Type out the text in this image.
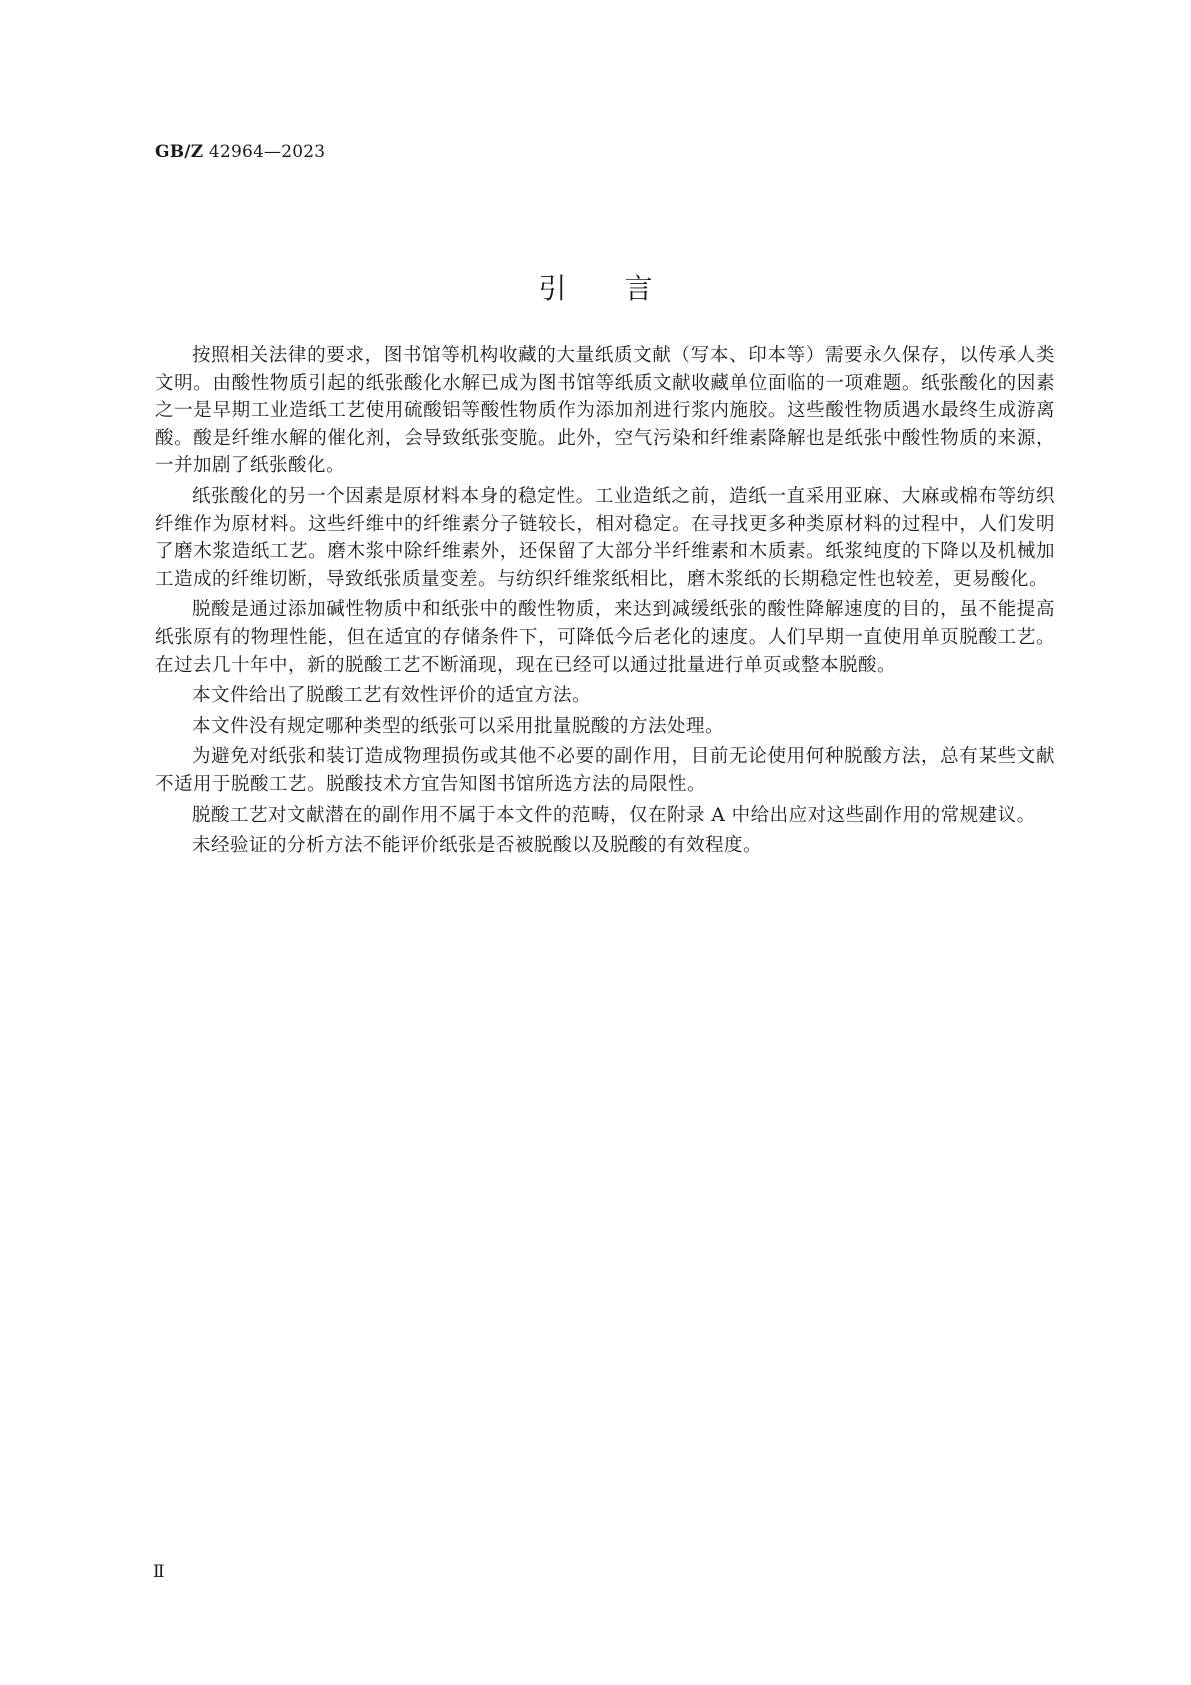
GB/Z 42964—2023
引言

按照相关法律的要求，图书馆等机构收藏的大量纸质文献（写本、印本等）需要永久保存，以传承人类文明。由酸性物质引起的纸张酸化水解已成为图书馆等纸质文献收藏单位面临的一项难题。纸张酸化的因素之一是早期工业造纸工艺使用硫酸铝等酸性物质作为添加剂进行浆内施胶。这些酸性物质遇水最终生成游离酸。酸是纤维水解的催化剂，会导致纸张变脆。此外，空气污染和纤维素降解也是纸张中酸性物质的来源，一并加剧了纸张酸化。

纸张酸化的另一个因素是原材料本身的稳定性。工业造纸之前，造纸一直采用亚麻、大麻或棉布等纺织纤维作为原材料。这些纤维中的纤维素分子链较长，相对稳定。在寻找更多种类原材料的过程中，人们发明了磨木浆造纸工艺。磨木浆中除纤维素外，还保留了大部分半纤维素和木质素。纸浆纯度的下降以及机械加工造成的纤维切断，导致纸张质量变差。与纺织纤维浆纸相比，磨木浆纸的长期稳定性也较差，更易酸化。

脱酸是通过添加碱性物质中和纸张中的酸性物质，来达到减缓纸张的酸性降解速度的目的，虽不能提高纸张原有的物理性能，但在适宜的存储条件下，可降低今后老化的速度。人们早期一直使用单页脱酸工艺。在过去几十年中，新的脱酸工艺不断涌现，现在已经可以通过批量进行单页或整本脱酸。

本文件给出了脱酸工艺有效性评价的适宜方法。

本文件没有规定哪种类型的纸张可以采用批量脱酸的方法处理。

为避免对纸张和装订造成物理损伤或其他不必要的副作用，目前无论使用何种脱酸方法，总有某些文献不适用于脱酸工艺。脱酸技术方宜告知图书馆所选方法的局限性。

脱酸工艺对文献潜在的副作用不属于本文件的范畴，仅在附录 A 中给出应对这些副作用的常规建议。

未经验证的分析方法不能评价纸张是否被脱酸以及脱酸的有效程度。

Ⅱ
